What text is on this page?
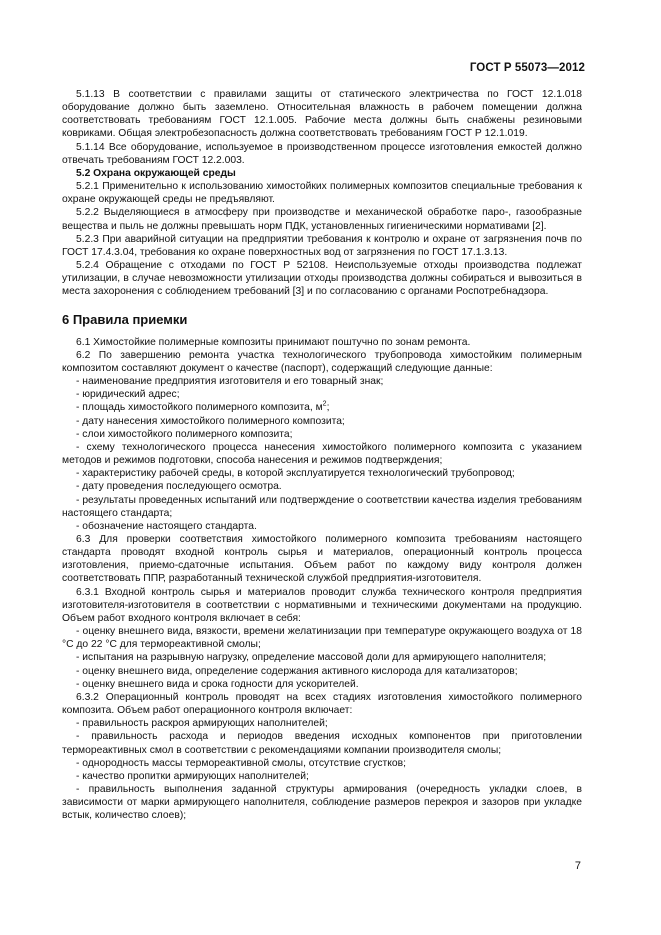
ГОСТ Р 55073—2012

5.1.13 В соответствии с правилами защиты от статического электричества по ГОСТ 12.1.018 оборудование должно быть заземлено. Относительная влажность в рабочем помещении должна соответствовать требованиям ГОСТ 12.1.005. Рабочие места должны быть снабжены резиновыми ковриками. Общая электробезопасность должна соответствовать требованиям ГОСТ Р 12.1.019.

5.1.14 Все оборудование, используемое в производственном процессе изготовления емкостей должно отвечать требованиям ГОСТ 12.2.003.

5.2 Охрана окружающей среды

5.2.1 Применительно к использованию химостойких полимерных композитов специальные требования к охране окружающей среды не предъявляют.

5.2.2 Выделяющиеся в атмосферу при производстве и механической обработке паро-, газообразные вещества и пыль не должны превышать норм ПДК, установленных гигиеническими нормативами [2].

5.2.3 При аварийной ситуации на предприятии требования к контролю и охране от загрязнения почв по ГОСТ 17.4.3.04, требования ко охране поверхностных вод от загрязнения по ГОСТ 17.1.3.13.

5.2.4 Обращение с отходами по ГОСТ Р 52108. Неиспользуемые отходы производства подлежат утилизации, в случае невозможности утилизации отходы производства должны собираться и вывозиться в места захоронения с соблюдением требований [3] и по согласованию с органами Роспотребнадзора.

6 Правила приемки

6.1 Химостойкие полимерные композиты принимают поштучно по зонам ремонта.

6.2 По завершению ремонта участка технологического трубопровода химостойким полимерным композитом составляют документ о качестве (паспорт), содержащий следующие данные:

- наименование предприятия изготовителя и его товарный знак;

- юридический адрес;

- площадь химостойкого полимерного композита, $м^2$;

- дату нанесения химостойкого полимерного композита;

- слои химостойкого полимерного композита;

- схему технологического процесса нанесения химостойкого полимерного композита с указанием методов и режимов подготовки, способа нанесения и режимов подтверждения;

- характеристику рабочей среды, в которой эксплуатируется технологический трубопровод;

- дату проведения последующего осмотра.

- результаты проведенных испытаний или подтверждение о соответствии качества изделия требованиям настоящего стандарта;

- обозначение настоящего стандарта.

6.3 Для проверки соответствия химостойкого полимерного композита требованиям настоящего стандарта проводят входной контроль сырья и материалов, операционный контроль процесса изготовления, приемо-сдаточные испытания. Объем работ по каждому виду контроля должен соответствовать ППР, разработанный технической службой предприятия-изготовителя.

6.3.1 Входной контроль сырья и материалов проводит служба технического контроля предприятия изготовителя-изготовителя в соответствии с нормативными и техническими документами на продукцию. Объем работ входного контроля включает в себя:

- оценку внешнего вида, вязкости, времени желатинизации при температуре окружающего воздуха от 18 °С до 22 °С для термореактивной смолы;

- испытания на разрывную нагрузку, определение массовой доли для армирующего наполнителя;

- оценку внешнего вида, определение содержания активного кислорода для катализаторов;

- оценку внешнего вида и срока годности для ускорителей.

6.3.2 Операционный контроль проводят на всех стадиях изготовления химостойкого полимерного композита. Объем работ операционного контроля включает:

- правильность раскроя армирующих наполнителей;

- правильность расхода и периодов введения исходных компонентов при приготовлении термореактивных смол в соответствии с рекомендациями компании производителя смолы;

- однородность массы термореактивной смолы, отсутствие сгустков;

- качество пропитки армирующих наполнителей;

- правильность выполнения заданной структуры армирования (очередность укладки слоев, в зависимости от марки армирующего наполнителя, соблюдение размеров перекроя и зазоров при укладке встык, количество слоев);

7
